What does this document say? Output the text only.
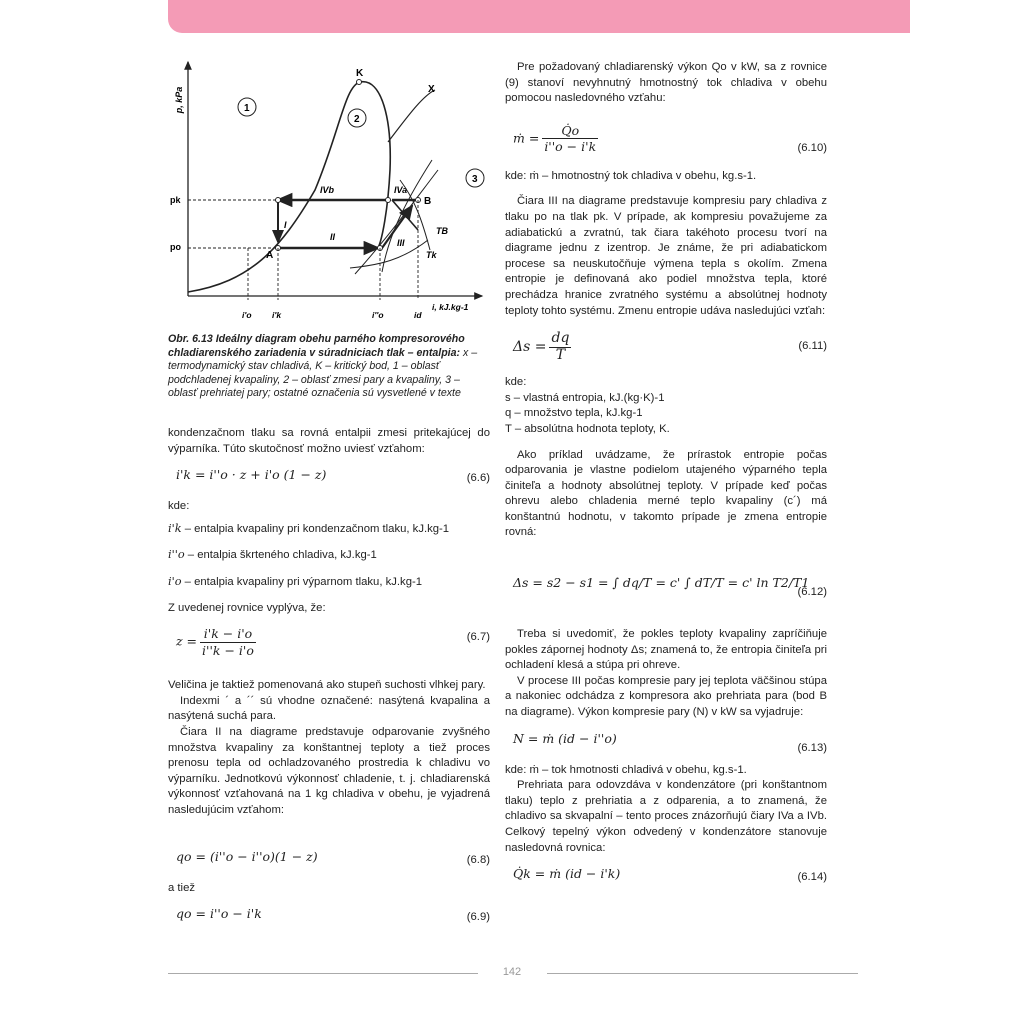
p, kPa
i, kJ.kg-1
X
K
1
2
3
pk
po
IVb	IVa
I
II
III
TB
Tk
A
B
i'o i'k	i''o	id
Obr. 6.13 Ideálny diagram obehu parného kompresorového chladiarenského zariadenia v súradniciach tlak – entalpia: x – termodynamický stav chladivá, K – kritický bod, 1 – oblasť podchladenej kvapaliny, 2 – oblasť zmesi pary a kvapaliny, 3 – oblasť prehriatej pary; ostatné označenia sú vysvetlené v texte

kondenzačnom tlaku sa rovná entalpii zmesi pritekajúcej do výparníka. Túto skutočnosť možno uviesť vzťahom:

i'k = i''o · z + i'o (1 − z)	(6.6)

kde:

i'k – entalpia kvapaliny pri kondenzačnom tlaku, kJ.kg-1
i''o – entalpia škrteného chladiva, kJ.kg-1
i'o – entalpia kvapaliny pri výparnom tlaku, kJ.kg-1

Z uvedenej rovnice vyplýva, že:

$z = \frac{i'k - i'o}{i''k - i'o}$	(6.7)

Veličina je taktiež pomenovaná ako stupeň suchosti vlhkej pary.

Indexmi ´ a ´´ sú vhodne označené: nasýtená kvapalina a nasýtená suchá para.

Čiara II na diagrame predstavuje odparovanie zvyšného množstva kvapaliny za konštantnej teploty a tiež proces prenosu tepla od ochladzovaného prostredia k chladivu vo výparníku. Jednotkovú výkonnosť chladenie, t. j. chladiarenská výkonnosť vzťahovaná na 1 kg chladiva v obehu, je vyjadrená nasledujúcim vzťahom:

qo = (i''o − i''o)(1 − z)	(6.8)

a tiež

qo = i''o − i'k	(6.9)

Pre požadovaný chladiarenský výkon Qo v kW, sa z rovnice (9) stanoví nevyhnutný hmotnostný tok chladiva v obehu pomocou nasledovného vzťahu:

ṁ = $\frac{Q̇o}{i''o - i'k}$	(6.10)

kde: ṁ – hmotnostný tok chladiva v obehu, kg.s-1.

Čiara III na diagrame predstavuje kompresiu pary chladiva z tlaku po na tlak pk. V prípade, ak kompresiu považujeme za adiabatickú a zvratnú, tak čiara takéhoto procesu tvorí na diagrame jednu z izentrop. Je známe, že pri adiabatickom procese sa neuskutočňuje výmena tepla s okolím. Zmena entropie je definovaná ako podiel množstva tepla, ktoré prechádza hranice zvratného systému a absolútnej hodnoty teploty tohto systému. Zmenu entropie udáva nasledujúci vzťah:

$\Delta s = \frac{dq}{T}$	(6.11)

kde:

s – vlastná entropia, kJ.(kg·K)-1

q – množstvo tepla, kJ.kg-1

T – absolútna hodnota teploty, K.

Ako príklad uvádzame, že prírastok entropie počas odparovania je vlastne podielom utajeného výparného tepla činiteľa a hodnoty absolútnej teploty. V prípade keď počas ohrevu alebo chladenia merné teplo kvapaliny (c´) má konštantnú hodnotu, v takomto prípade je zmena entropie rovná:

Δs = s2 − s1 = ∫ dq/T = c' ∫ dT/T = c' ln T2/T1
(6.12)

Treba si uvedomiť, že pokles teploty kvapaliny zapríčiňuje pokles zápornej hodnoty Δs; znamená to, že entropia činiteľa pri ochladení klesá a stúpa pri ohreve.

V procese III počas kompresie pary jej teplota väčšinou stúpa a nakoniec odchádza z kompresora ako prehriata para (bod B na diagrame). Výkon kompresie pary (N) v kW sa vyjadruje:

N = ṁ (id − i''o)
(6.13)

kde: ṁ – tok hmotnosti chladivá v obehu, kg.s-1.

Prehriata para odovzdáva v kondenzátore (pri konštantnom tlaku) teplo z prehriatia a z odparenia, a to znamená, že chladivo sa skvapalní – tento proces znázorňujú čiary IVa a IVb. Celkový tepelný výkon odvedený v kondenzátore stanovuje nasledovná rovnica:

Q̇k = ṁ (id − i'k)	(6.14)
142
